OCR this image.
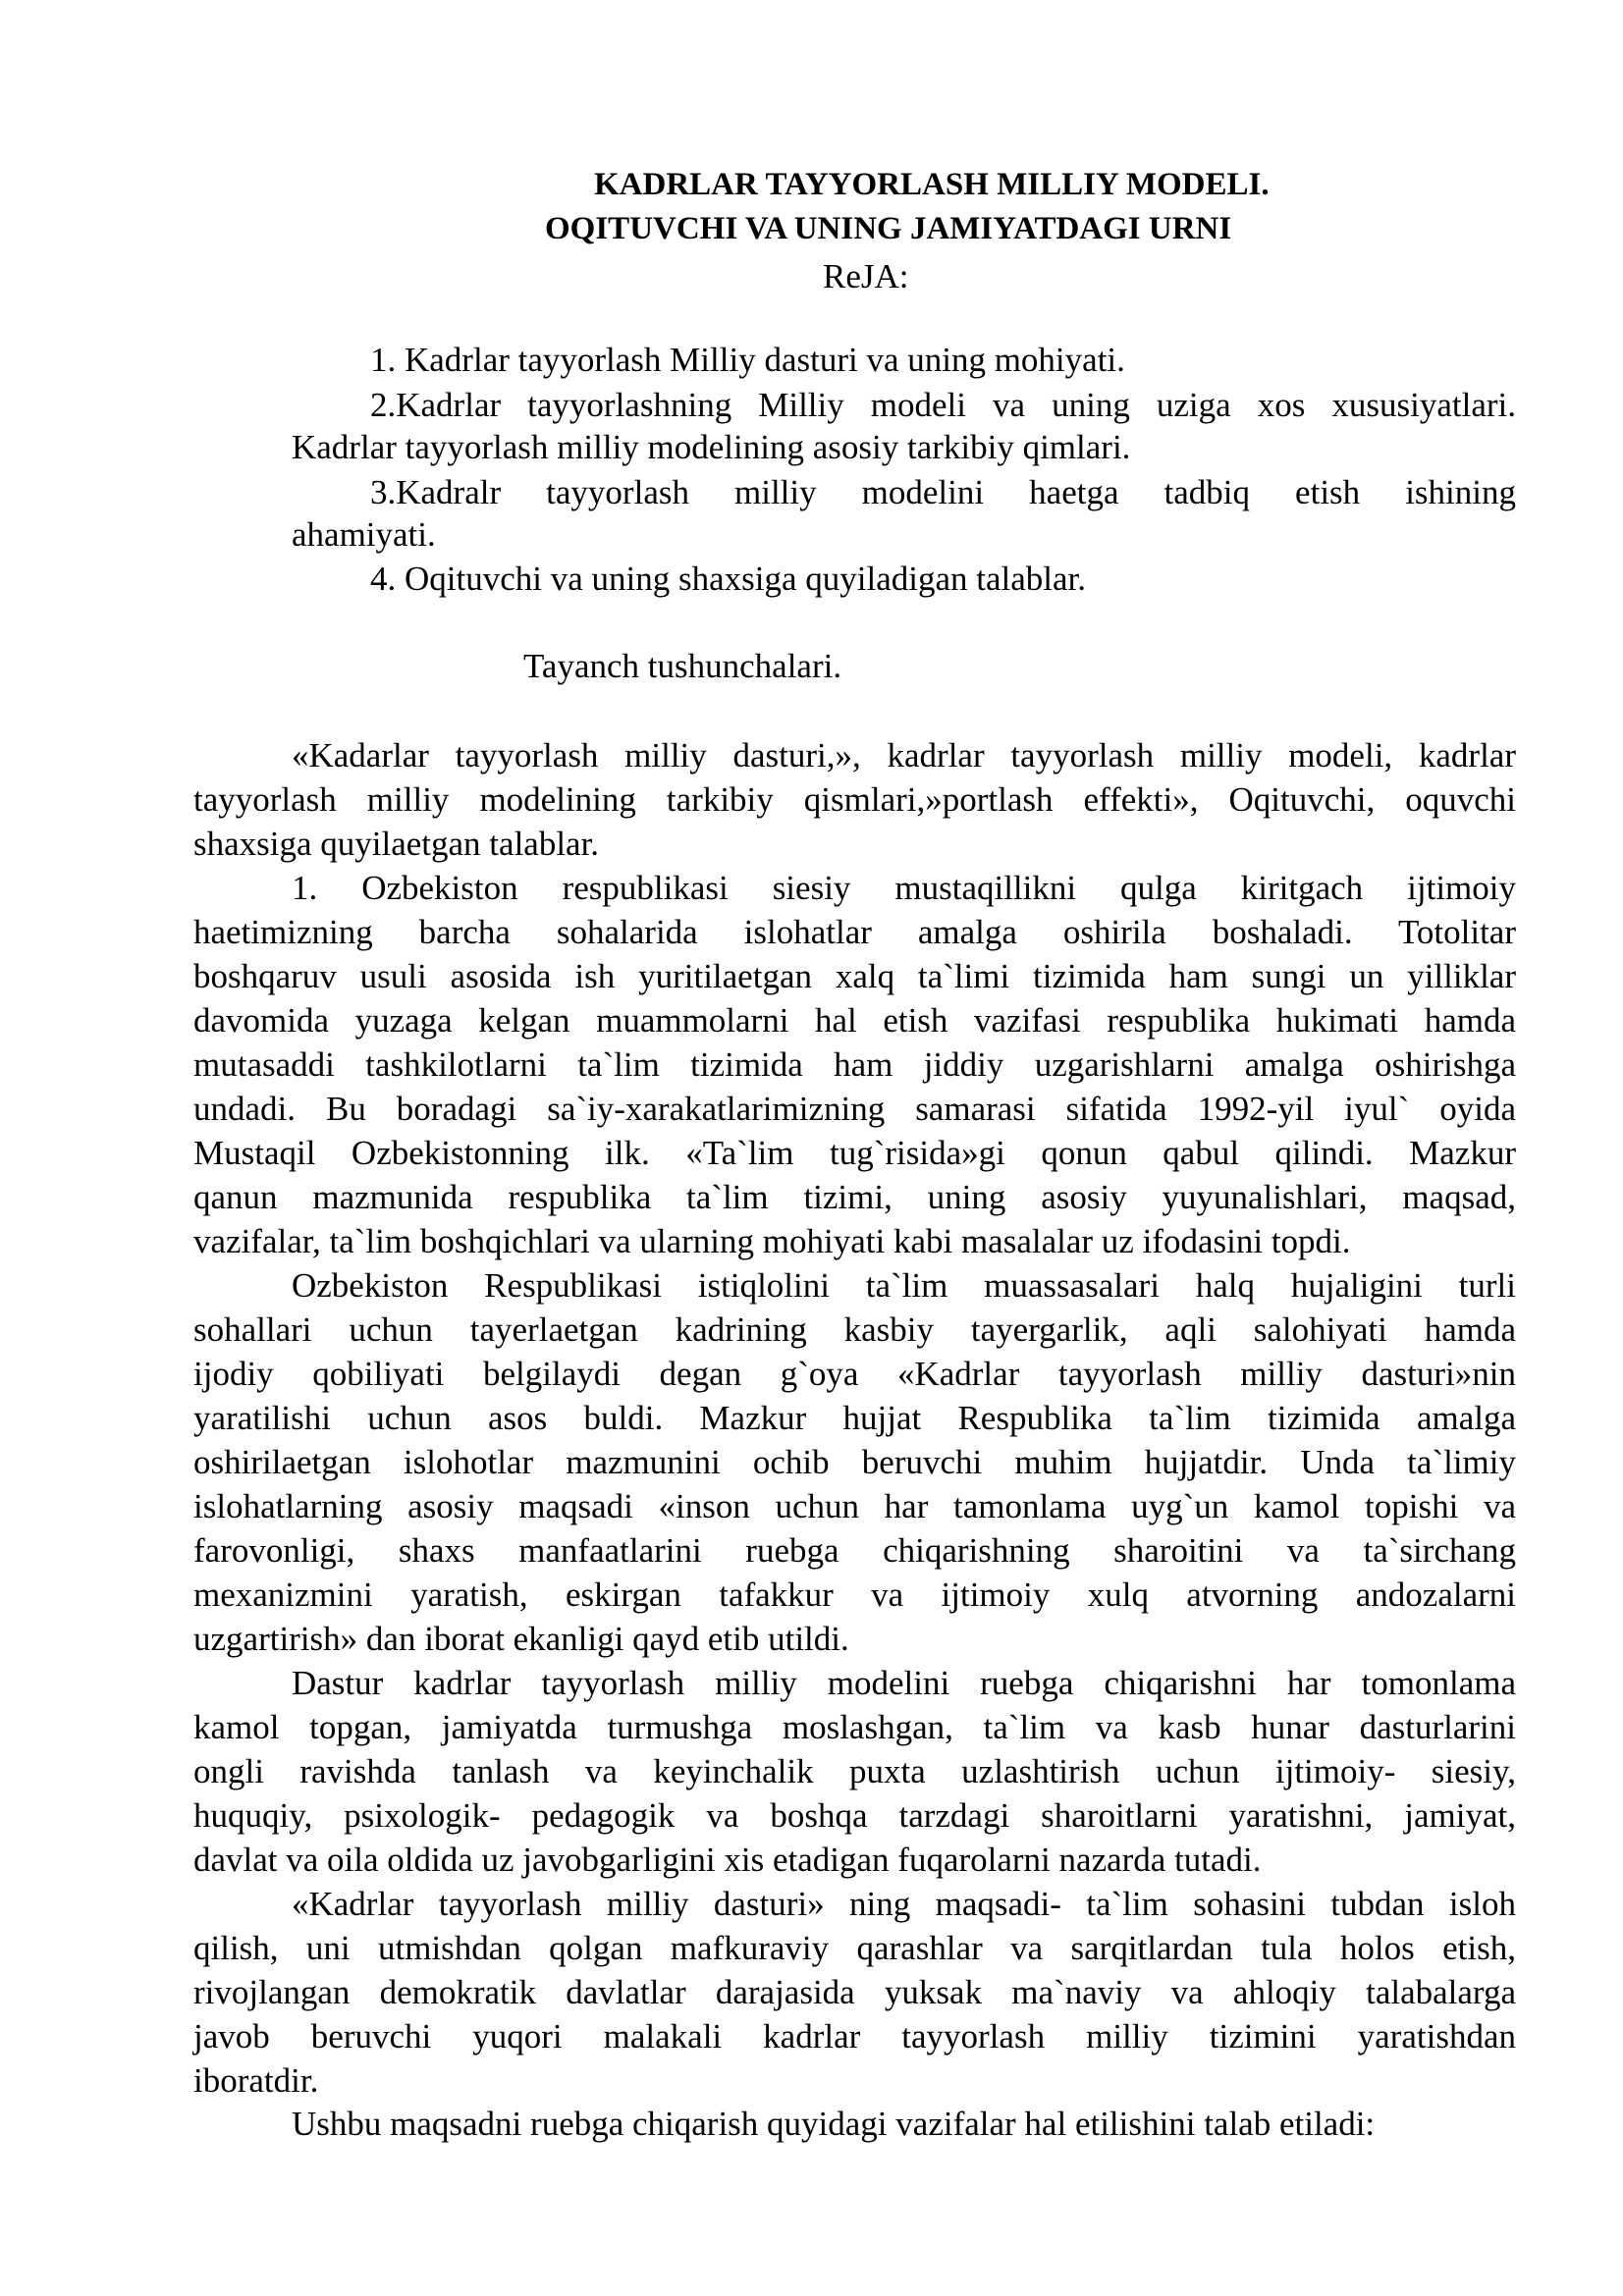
KADRLAR TAYYORLASH MILLIY MODELI.
OQITUVCHI VA UNING JAMIYATDAGI URNI
ReJA:
1. Kadrlar tayyorlash Milliy dasturi va uning mohiyati.
2.Kadrlar tayyorlashning Milliy modeli va uning uziga xos xususiyatlari.
Kadrlar tayyorlash milliy modelining asosiy tarkibiy qimlari.
3.Kadralr tayyorlash milliy modelini haetga tadbiq etish ishining
ahamiyati.
4. Oqituvchi va uning shaxsiga quyiladigan talablar.
Tayanch tushunchalari.
«Kadarlar tayyorlash milliy dasturi,», kadrlar tayyorlash milliy modeli, kadrlar
tayyorlash milliy modelining tarkibiy qismlari,»portlash effekti», Oqituvchi, oquvchi
shaxsiga quyilaetgan talablar.
1. Ozbekiston respublikasi siesiy mustaqillikni qulga kiritgach ijtimoiy
haetimizning barcha sohalarida islohatlar amalga oshirila boshaladi. Totolitar
boshqaruv usuli asosida ish yuritilaetgan xalq ta`limi tizimida ham sungi un yilliklar
davomida yuzaga kelgan muammolarni hal etish vazifasi respublika hukimati hamda
mutasaddi tashkilotlarni ta`lim tizimida ham jiddiy uzgarishlarni amalga oshirishga
undadi. Bu boradagi sa`iy-xarakatlarimizning samarasi sifatida 1992-yil iyul` oyida
Mustaqil Ozbekistonning ilk. «Ta`lim tug`risida»gi qonun qabul qilindi. Mazkur
qanun mazmunida respublika ta`lim tizimi, uning asosiy yuyunalishlari, maqsad,
vazifalar, ta`lim boshqichlari va ularning mohiyati kabi masalalar uz ifodasini topdi.
Ozbekiston Respublikasi istiqlolini ta`lim muassasalari halq hujaligini turli
sohallari uchun tayerlaetgan kadrining kasbiy tayergarlik, aqli salohiyati hamda
ijodiy qobiliyati belgilaydi degan g`oya «Kadrlar tayyorlash milliy dasturi»nin
yaratilishi uchun asos buldi. Mazkur hujjat Respublika ta`lim tizimida amalga
oshirilaetgan islohotlar mazmunini ochib beruvchi muhim hujjatdir. Unda ta`limiy
islohatlarning asosiy maqsadi «inson uchun har tamonlama uyg`un kamol topishi va
farovonligi, shaxs manfaatlarini ruebga chiqarishning sharoitini va ta`sirchang
mexanizmini yaratish, eskirgan tafakkur va ijtimoiy xulq atvorning andozalarni
uzgartirish» dan iborat ekanligi qayd etib utildi.
Dastur kadrlar tayyorlash milliy modelini ruebga chiqarishni har tomonlama
kamol topgan, jamiyatda turmushga moslashgan, ta`lim va kasb hunar dasturlarini
ongli ravishda tanlash va keyinchalik puxta uzlashtirish uchun ijtimoiy- siesiy,
huquqiy, psixologik- pedagogik va boshqa tarzdagi sharoitlarni yaratishni, jamiyat,
davlat va oila oldida uz javobgarligini xis etadigan fuqarolarni nazarda tutadi.
«Kadrlar tayyorlash milliy dasturi» ning maqsadi- ta`lim sohasini tubdan isloh
qilish, uni utmishdan qolgan mafkuraviy qarashlar va sarqitlardan tula holos etish,
rivojlangan demokratik davlatlar darajasida yuksak ma`naviy va ahloqiy talabalarga
javob beruvchi yuqori malakali kadrlar tayyorlash milliy tizimini yaratishdan
iboratdir.
Ushbu maqsadni ruebga chiqarish quyidagi vazifalar hal etilishini talab etiladi:
